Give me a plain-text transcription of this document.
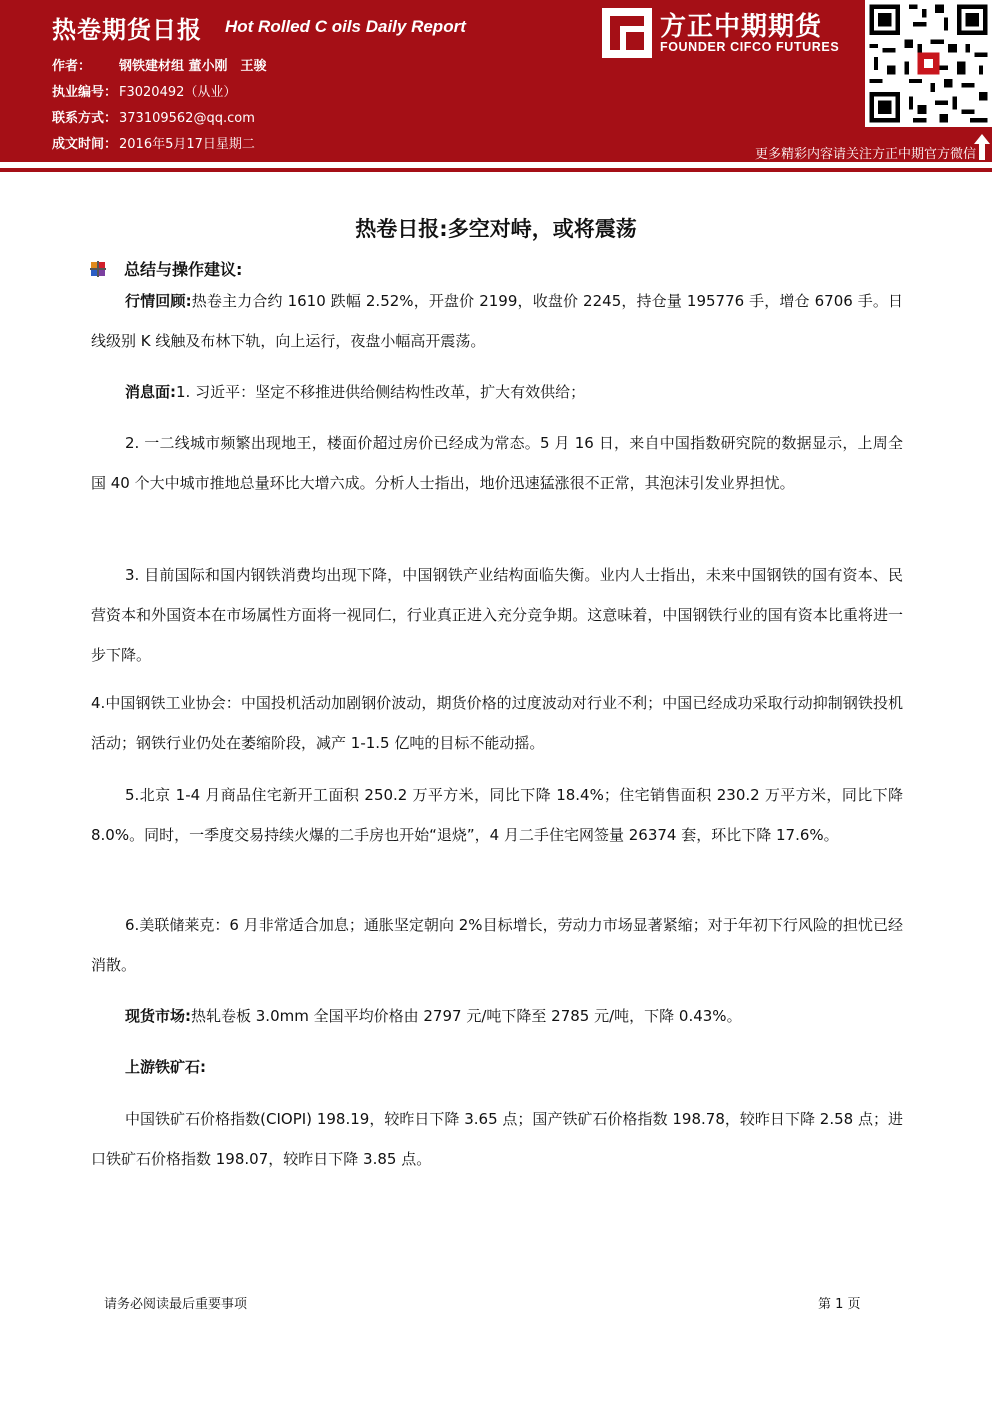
热卷期货日报 Hot Rolled C oils Daily Report
作者： 钢铁建材组 董小刚　王骏
执业编号： F3020492（从业）
联系方式： 373109562@qq.com
成文时间： 2016年5月17日星期二
方正中期期货
FOUNDER CIFCO FUTURES
更多精彩内容请关注方正中期官方微信
热卷日报:多空对峙，或将震荡
总结与操作建议:
行情回顾:热卷主力合约 1610 跌幅 2.52%，开盘价 2199，收盘价 2245，持仓量 195776 手，增仓 6706 手。日线级别 K 线触及布林下轨，向上运行，夜盘小幅高开震荡。
消息面:1. 习近平：坚定不移推进供给侧结构性改革，扩大有效供给；
2. 一二线城市频繁出现地王，楼面价超过房价已经成为常态。5 月 16 日，来自中国指数研究院的数据显示，上周全国 40 个大中城市推地总量环比大增六成。分析人士指出，地价迅速猛涨很不正常，其泡沫引发业界担忧。
3. 目前国际和国内钢铁消费均出现下降，中国钢铁产业结构面临失衡。业内人士指出，未来中国钢铁的国有资本、民营资本和外国资本在市场属性方面将一视同仁，行业真正进入充分竞争期。这意味着，中国钢铁行业的国有资本比重将进一步下降。
4.中国钢铁工业协会：中国投机活动加剧钢价波动，期货价格的过度波动对行业不利；中国已经成功采取行动抑制钢铁投机活动；钢铁行业仍处在萎缩阶段，减产 1-1.5 亿吨的目标不能动摇。
5.北京 1-4 月商品住宅新开工面积 250.2 万平方米，同比下降 18.4%；住宅销售面积 230.2 万平方米，同比下降 8.0%。同时，一季度交易持续火爆的二手房也开始“退烧”，4 月二手住宅网签量 26374 套，环比下降 17.6%。
6.美联储莱克：6 月非常适合加息；通胀坚定朝向 2%目标增长，劳动力市场显著紧缩；对于年初下行风险的担忧已经消散。
现货市场:热轧卷板 3.0mm 全国平均价格由 2797 元/吨下降至 2785 元/吨，下降 0.43%。
上游铁矿石:
中国铁矿石价格指数(CIOPI) 198.19，较昨日下降 3.65 点；国产铁矿石价格指数 198.78，较昨日下降 2.58 点；进口铁矿石价格指数 198.07，较昨日下降 3.85 点。
请务必阅读最后重要事项	第 1 页
